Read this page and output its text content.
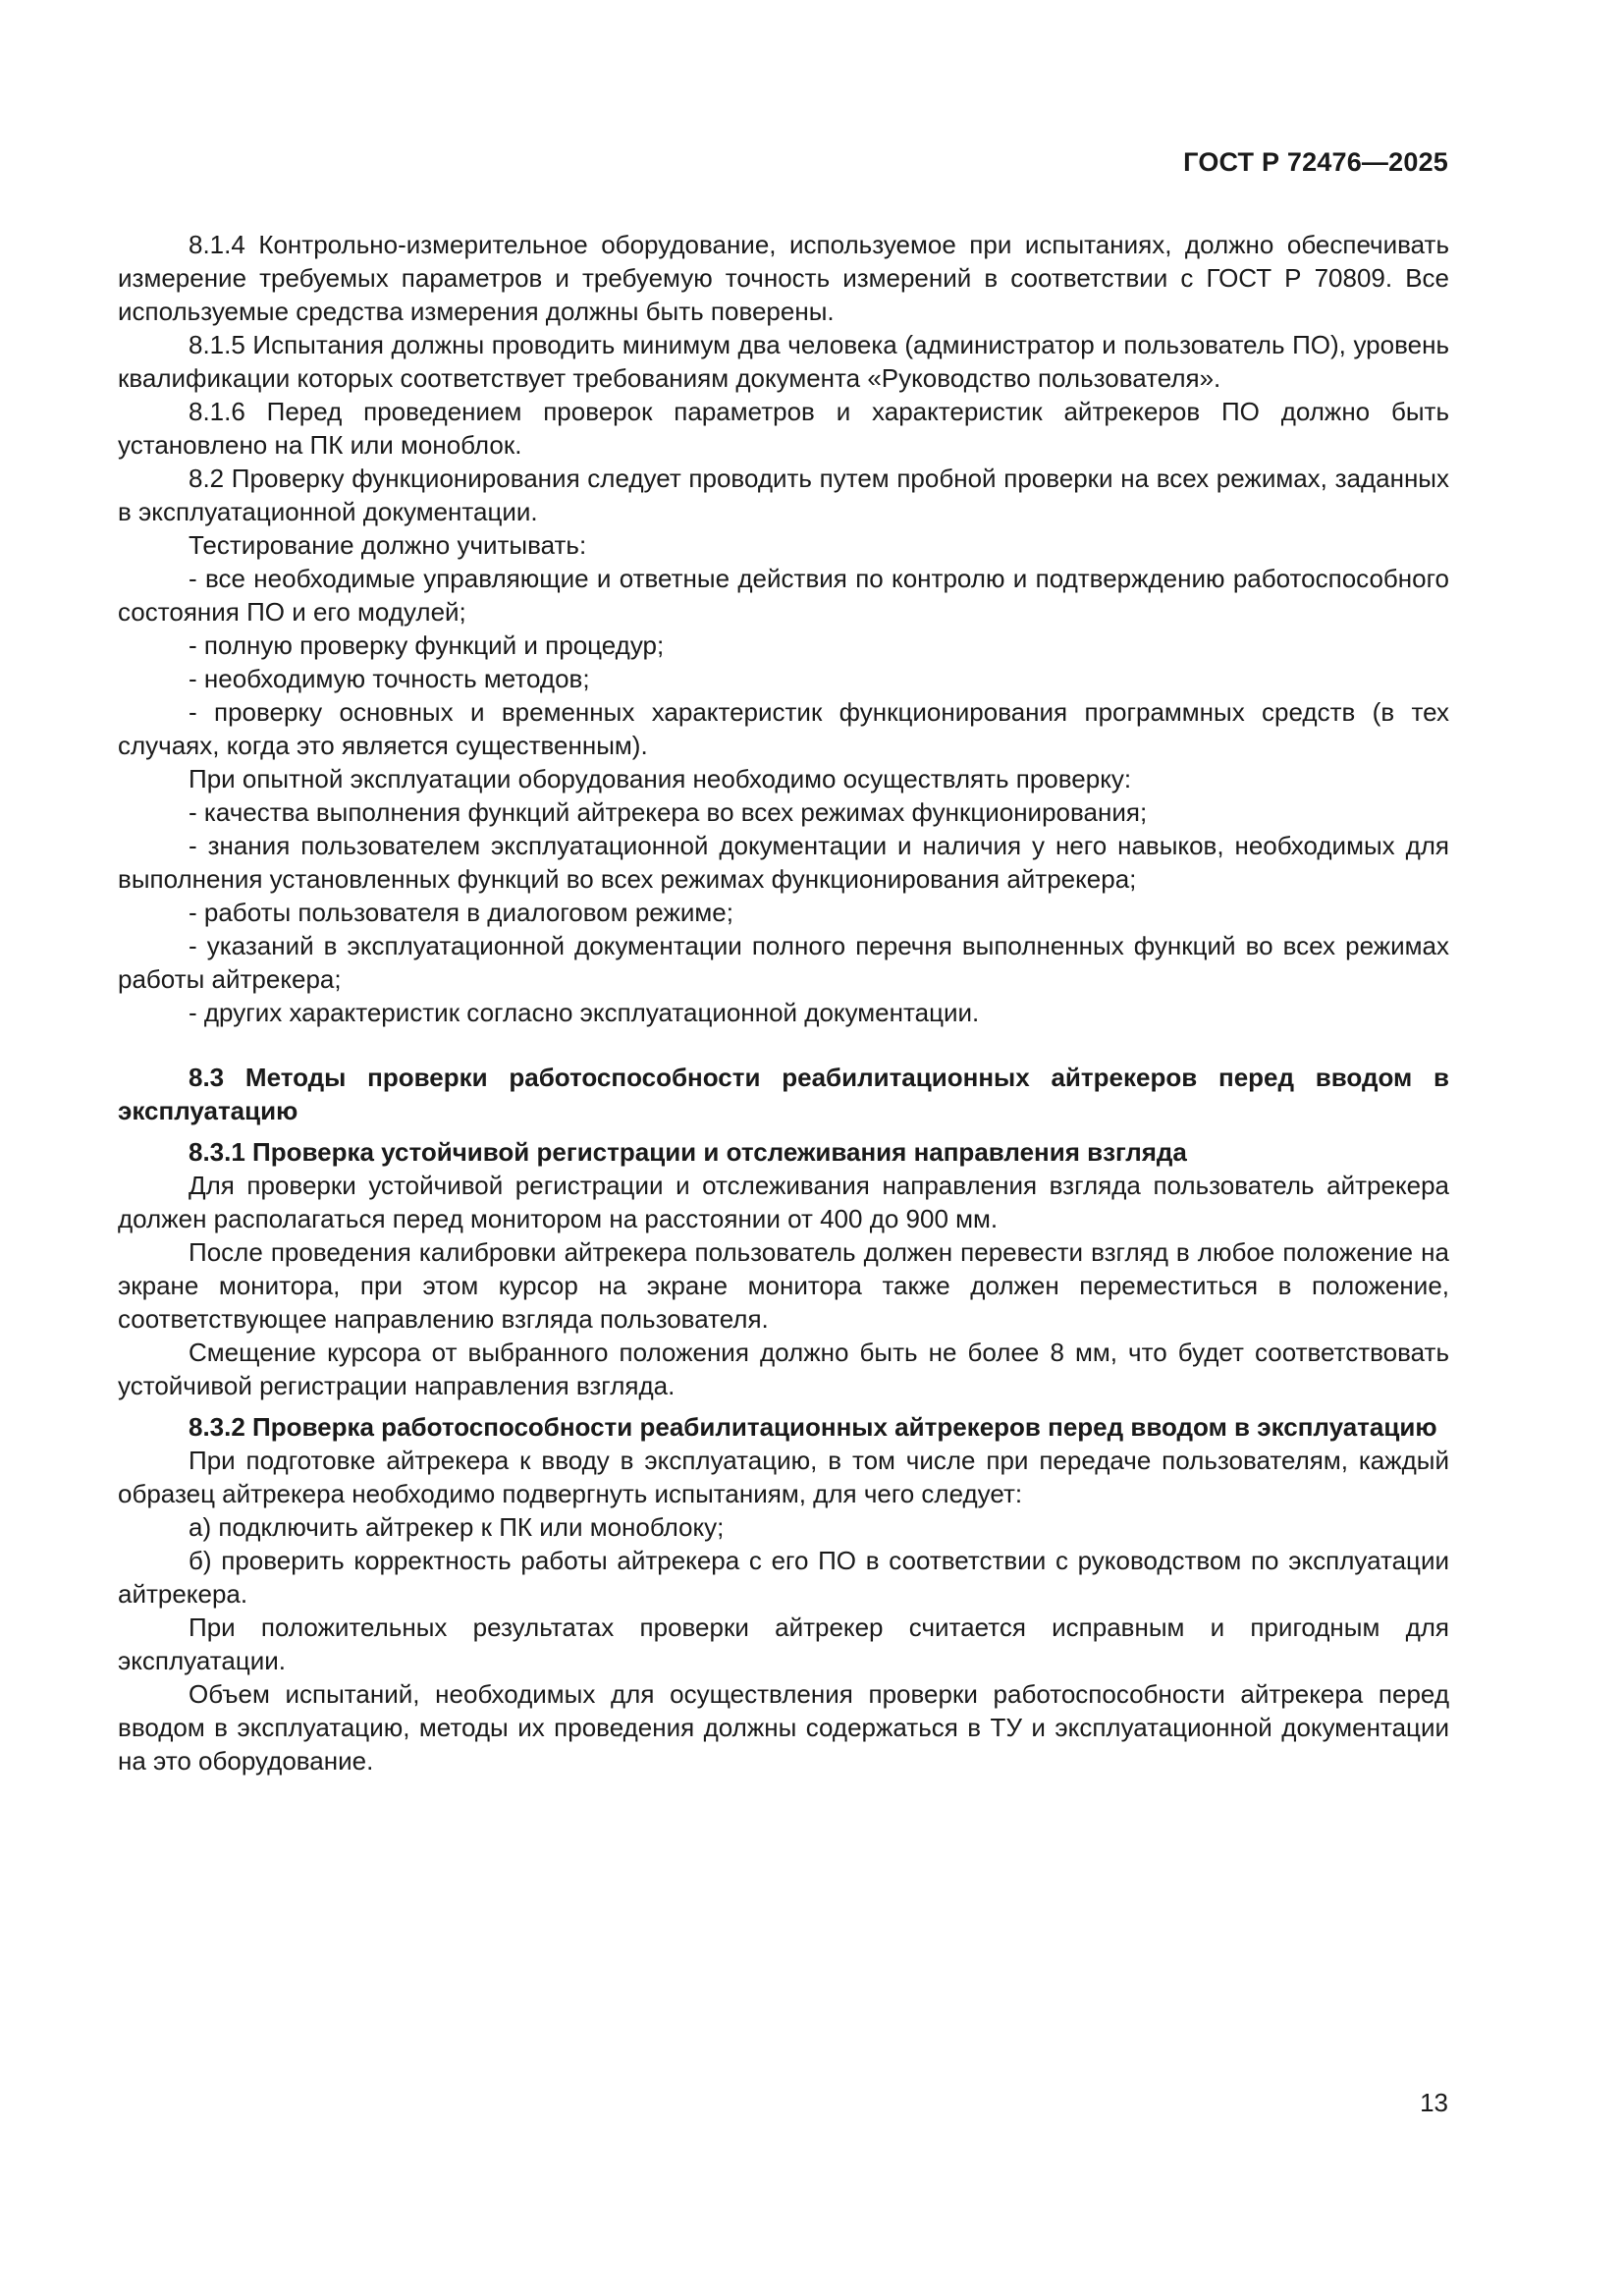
ГОСТ Р 72476—2025

8.1.4 Контрольно-измерительное оборудование, используемое при испытаниях, должно обеспечивать измерение требуемых параметров и требуемую точность измерений в соответствии с ГОСТ Р 70809. Все используемые средства измерения должны быть поверены.

8.1.5 Испытания должны проводить минимум два человека (администратор и пользователь ПО), уровень квалификации которых соответствует требованиям документа «Руководство пользователя».

8.1.6 Перед проведением проверок параметров и характеристик айтрекеров ПО должно быть установлено на ПК или моноблок.

8.2 Проверку функционирования следует проводить путем пробной проверки на всех режимах, заданных в эксплуатационной документации.

Тестирование должно учитывать:

- все необходимые управляющие и ответные действия по контролю и подтверждению работоспособного состояния ПО и его модулей;

- полную проверку функций и процедур;

- необходимую точность методов;

- проверку основных и временных характеристик функционирования программных средств (в тех случаях, когда это является существенным).

При опытной эксплуатации оборудования необходимо осуществлять проверку:

- качества выполнения функций айтрекера во всех режимах функционирования;

- знания пользователем эксплуатационной документации и наличия у него навыков, необходимых для выполнения установленных функций во всех режимах функционирования айтрекера;

- работы пользователя в диалоговом режиме;

- указаний в эксплуатационной документации полного перечня выполненных функций во всех режимах работы айтрекера;

- других характеристик согласно эксплуатационной документации.

8.3 Методы проверки работоспособности реабилитационных айтрекеров перед вводом в эксплуатацию
8.3.1 Проверка устойчивой регистрации и отслеживания направления взгляда

Для проверки устойчивой регистрации и отслеживания направления взгляда пользователь айтрекера должен располагаться перед монитором на расстоянии от 400 до 900 мм.

После проведения калибровки айтрекера пользователь должен перевести взгляд в любое положение на экране монитора, при этом курсор на экране монитора также должен переместиться в положение, соответствующее направлению взгляда пользователя.

Смещение курсора от выбранного положения должно быть не более 8 мм, что будет соответствовать устойчивой регистрации направления взгляда.

8.3.2 Проверка работоспособности реабилитационных айтрекеров перед вводом в эксплуатацию

При подготовке айтрекера к вводу в эксплуатацию, в том числе при передаче пользователям, каждый образец айтрекера необходимо подвергнуть испытаниям, для чего следует:

а) подключить айтрекер к ПК или моноблоку;

б) проверить корректность работы айтрекера с его ПО в соответствии с руководством по эксплуатации айтрекера.

При положительных результатах проверки айтрекер считается исправным и пригодным для эксплуатации.

Объем испытаний, необходимых для осуществления проверки работоспособности айтрекера перед вводом в эксплуатацию, методы их проведения должны содержаться в ТУ и эксплуатационной документации на это оборудование.

13
